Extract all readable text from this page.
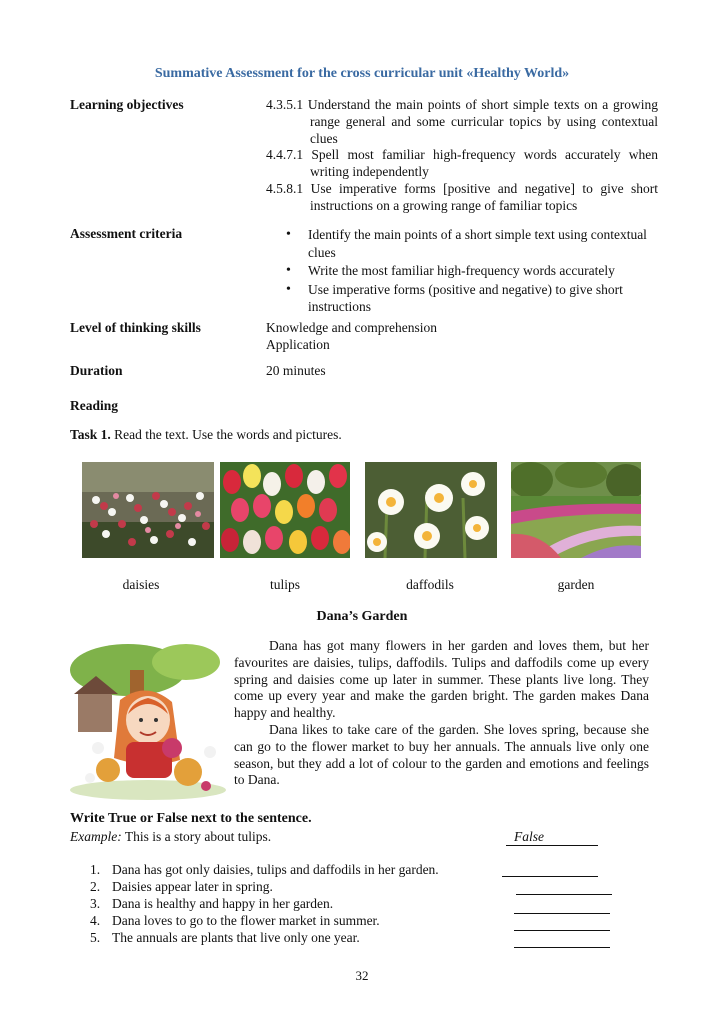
Summative Assessment for the cross curricular unit «Healthy World»
Learning objectives	4.3.5.1 Understand the main points of short simple texts on a growing range general and some curricular topics by using contextual clues
4.4.7.1 Spell most familiar high-frequency words accurately when writing independently
4.5.8.1 Use imperative forms [positive and negative] to give short instructions on a growing range of familiar topics
Assessment criteria
•	Identify the main points of a short simple text using contextual clues
• Write the most familiar high-frequency words accurately
• Use imperative forms (positive and negative) to give short instructions
Level of thinking skills	Knowledge and comprehension
Application
Duration	20 minutes
Reading
Task 1. Read the text. Use the words and pictures.
daisies	tulips	daffodils	garden
Dana’s Garden

Dana has got many flowers in her garden and loves them, but her favourites are daisies, tulips, daffodils. Tulips and daffodils come up every spring and daisies come up later in summer. These plants live long. They come up every year and make the garden bright. The garden makes Dana happy and healthy.

Dana likes to take care of the garden. She loves spring, because she can go to the flower market to buy her annuals. The annuals live only one season, but they add a lot of colour to the garden and emotions and feelings to Dana.

Write True or False next to the sentence.
Example: This is a story about tulips.	False
1. Dana has got only daisies, tulips and daffodils in her garden.
2. Daisies appear later in spring.
3. Dana is healthy and happy in her garden.
4. Dana loves to go to the flower market in summer.
5. The annuals are plants that live only one year.
32
